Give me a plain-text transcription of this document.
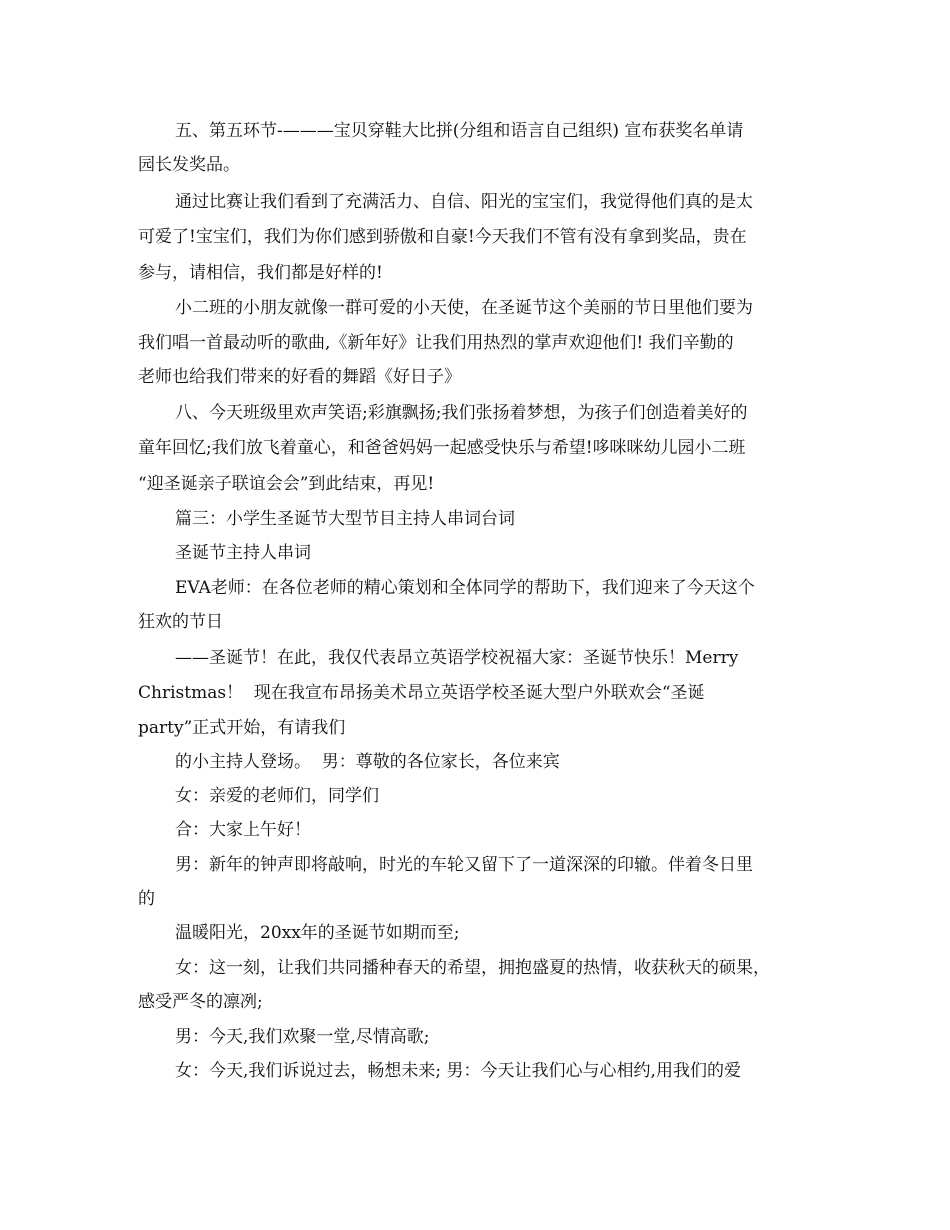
五、第五环节-———宝贝穿鞋大比拼(分组和语言自己组织) 宣布获奖名单请
园长发奖品。
通过比赛让我们看到了充满活力、自信、阳光的宝宝们，我觉得他们真的是太
可爱了!宝宝们，我们为你们感到骄傲和自豪!今天我们不管有没有拿到奖品，贵在
参与，请相信，我们都是好样的!
小二班的小朋友就像一群可爱的小天使，在圣诞节这个美丽的节日里他们要为
我们唱一首最动听的歌曲,《新年好》让我们用热烈的掌声欢迎他们! 我们辛勤的
老师也给我们带来的好看的舞蹈《好日子》
八、今天班级里欢声笑语;彩旗飘扬;我们张扬着梦想，为孩子们创造着美好的
童年回忆;我们放飞着童心，和爸爸妈妈一起感受快乐与希望!哆咪咪幼儿园小二班
“迎圣诞亲子联谊会会”到此结束，再见!
篇三：小学生圣诞节大型节目主持人串词台词
圣诞节主持人串词
EVA老师：在各位老师的精心策划和全体同学的帮助下，我们迎来了今天这个
狂欢的节日
——圣诞节！在此，我仅代表昂立英语学校祝福大家：圣诞节快乐！Merry
Christmas！  现在我宣布昂扬美术昂立英语学校圣诞大型户外联欢会“圣诞
party”正式开始，有请我们
的小主持人登场。  男：尊敬的各位家长，各位来宾
女：亲爱的老师们，同学们
合：大家上午好！
男：新年的钟声即将敲响，时光的车轮又留下了一道深深的印辙。伴着冬日里
的
温暖阳光，20xx年的圣诞节如期而至;
女：这一刻，让我们共同播种春天的希望，拥抱盛夏的热情，收获秋天的硕果，
感受严冬的凛冽;
男：今天,我们欢聚一堂,尽情高歌;
女：今天,我们诉说过去，畅想未来; 男：今天让我们心与心相约,用我们的爱
